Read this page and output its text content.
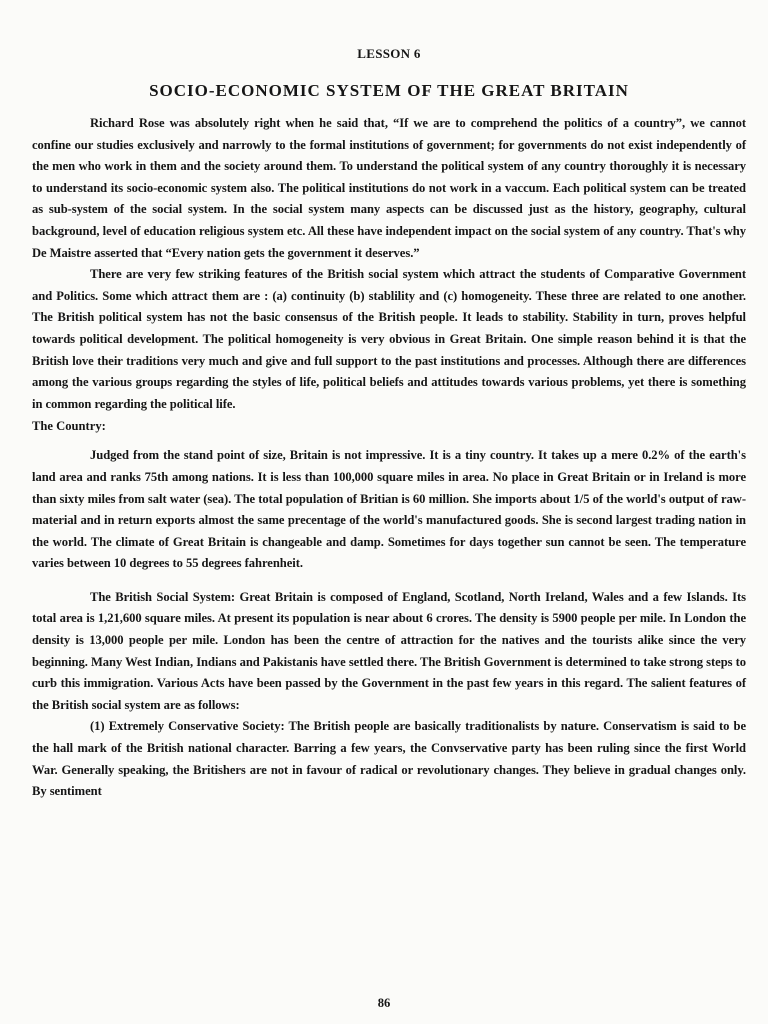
LESSON 6
SOCIO-ECONOMIC SYSTEM OF THE GREAT BRITAIN

Richard Rose was absolutely right when he said that, “If we are to comprehend the politics of a country”, we cannot confine our studies exclusively and narrowly to the formal institutions of government; for governments do not exist independently of the men who work in them and the society around them. To understand the political system of any country thoroughly it is necessary to understand its socio-economic system also. The political institutions do not work in a vaccum. Each political system can be treated as sub-system of the social system. In the social system many aspects can be discussed just as the history, geography, cultural background, level of education religious system etc. All these have independent impact on the social system of any country. That's why De Maistre asserted that “Every nation gets the government it deserves.”

There are very few striking features of the British social system which attract the students of Comparative Government and Politics. Some which attract them are : (a) continuity (b) stablility and (c) homogeneity. These three are related to one another. The British political system has not the basic consensus of the British people. It leads to stability. Stability in turn, proves helpful towards political development. The political homogeneity is very obvious in Great Britain. One simple reason behind it is that the British love their traditions very much and give and full support to the past institutions and processes. Although there are differences among the various groups regarding the styles of life, political beliefs and attitudes towards various problems, yet there is something in common regarding the political life.

The Country:

Judged from the stand point of size, Britain is not impressive. It is a tiny country. It takes up a mere 0.2% of the earth's land area and ranks 75th among nations. It is less than 100,000 square miles in area. No place in Great Britain or in Ireland is more than sixty miles from salt water (sea). The total population of Britian is 60 million. She imports about 1/5 of the world's output of raw-material and in return exports almost the same precentage of the world's manufactured goods. She is second largest trading nation in the world. The climate of Great Britain is changeable and damp. Sometimes for days together sun cannot be seen. The temperature varies between 10 degrees to 55 degrees fahrenheit.

The British Social System: Great Britain is composed of England, Scotland, North Ireland, Wales and a few Islands. Its total area is 1,21,600 square miles. At present its population is near about 6 crores. The density is 5900 people per mile. In London the density is 13,000 people per mile. London has been the centre of attraction for the natives and the tourists alike since the very beginning. Many West Indian, Indians and Pakistanis have settled there. The British Government is determined to take strong steps to curb this immigration. Various Acts have been passed by the Government in the past few years in this regard. The salient features of the British social system are as follows:

(1) Extremely Conservative Society: The British people are basically traditionalists by nature. Conservatism is said to be the hall mark of the British national character. Barring a few years, the Convservative party has been ruling since the first World War. Generally speaking, the Britishers are not in favour of radical or revolutionary changes. They believe in gradual changes only. By sentiment

86
